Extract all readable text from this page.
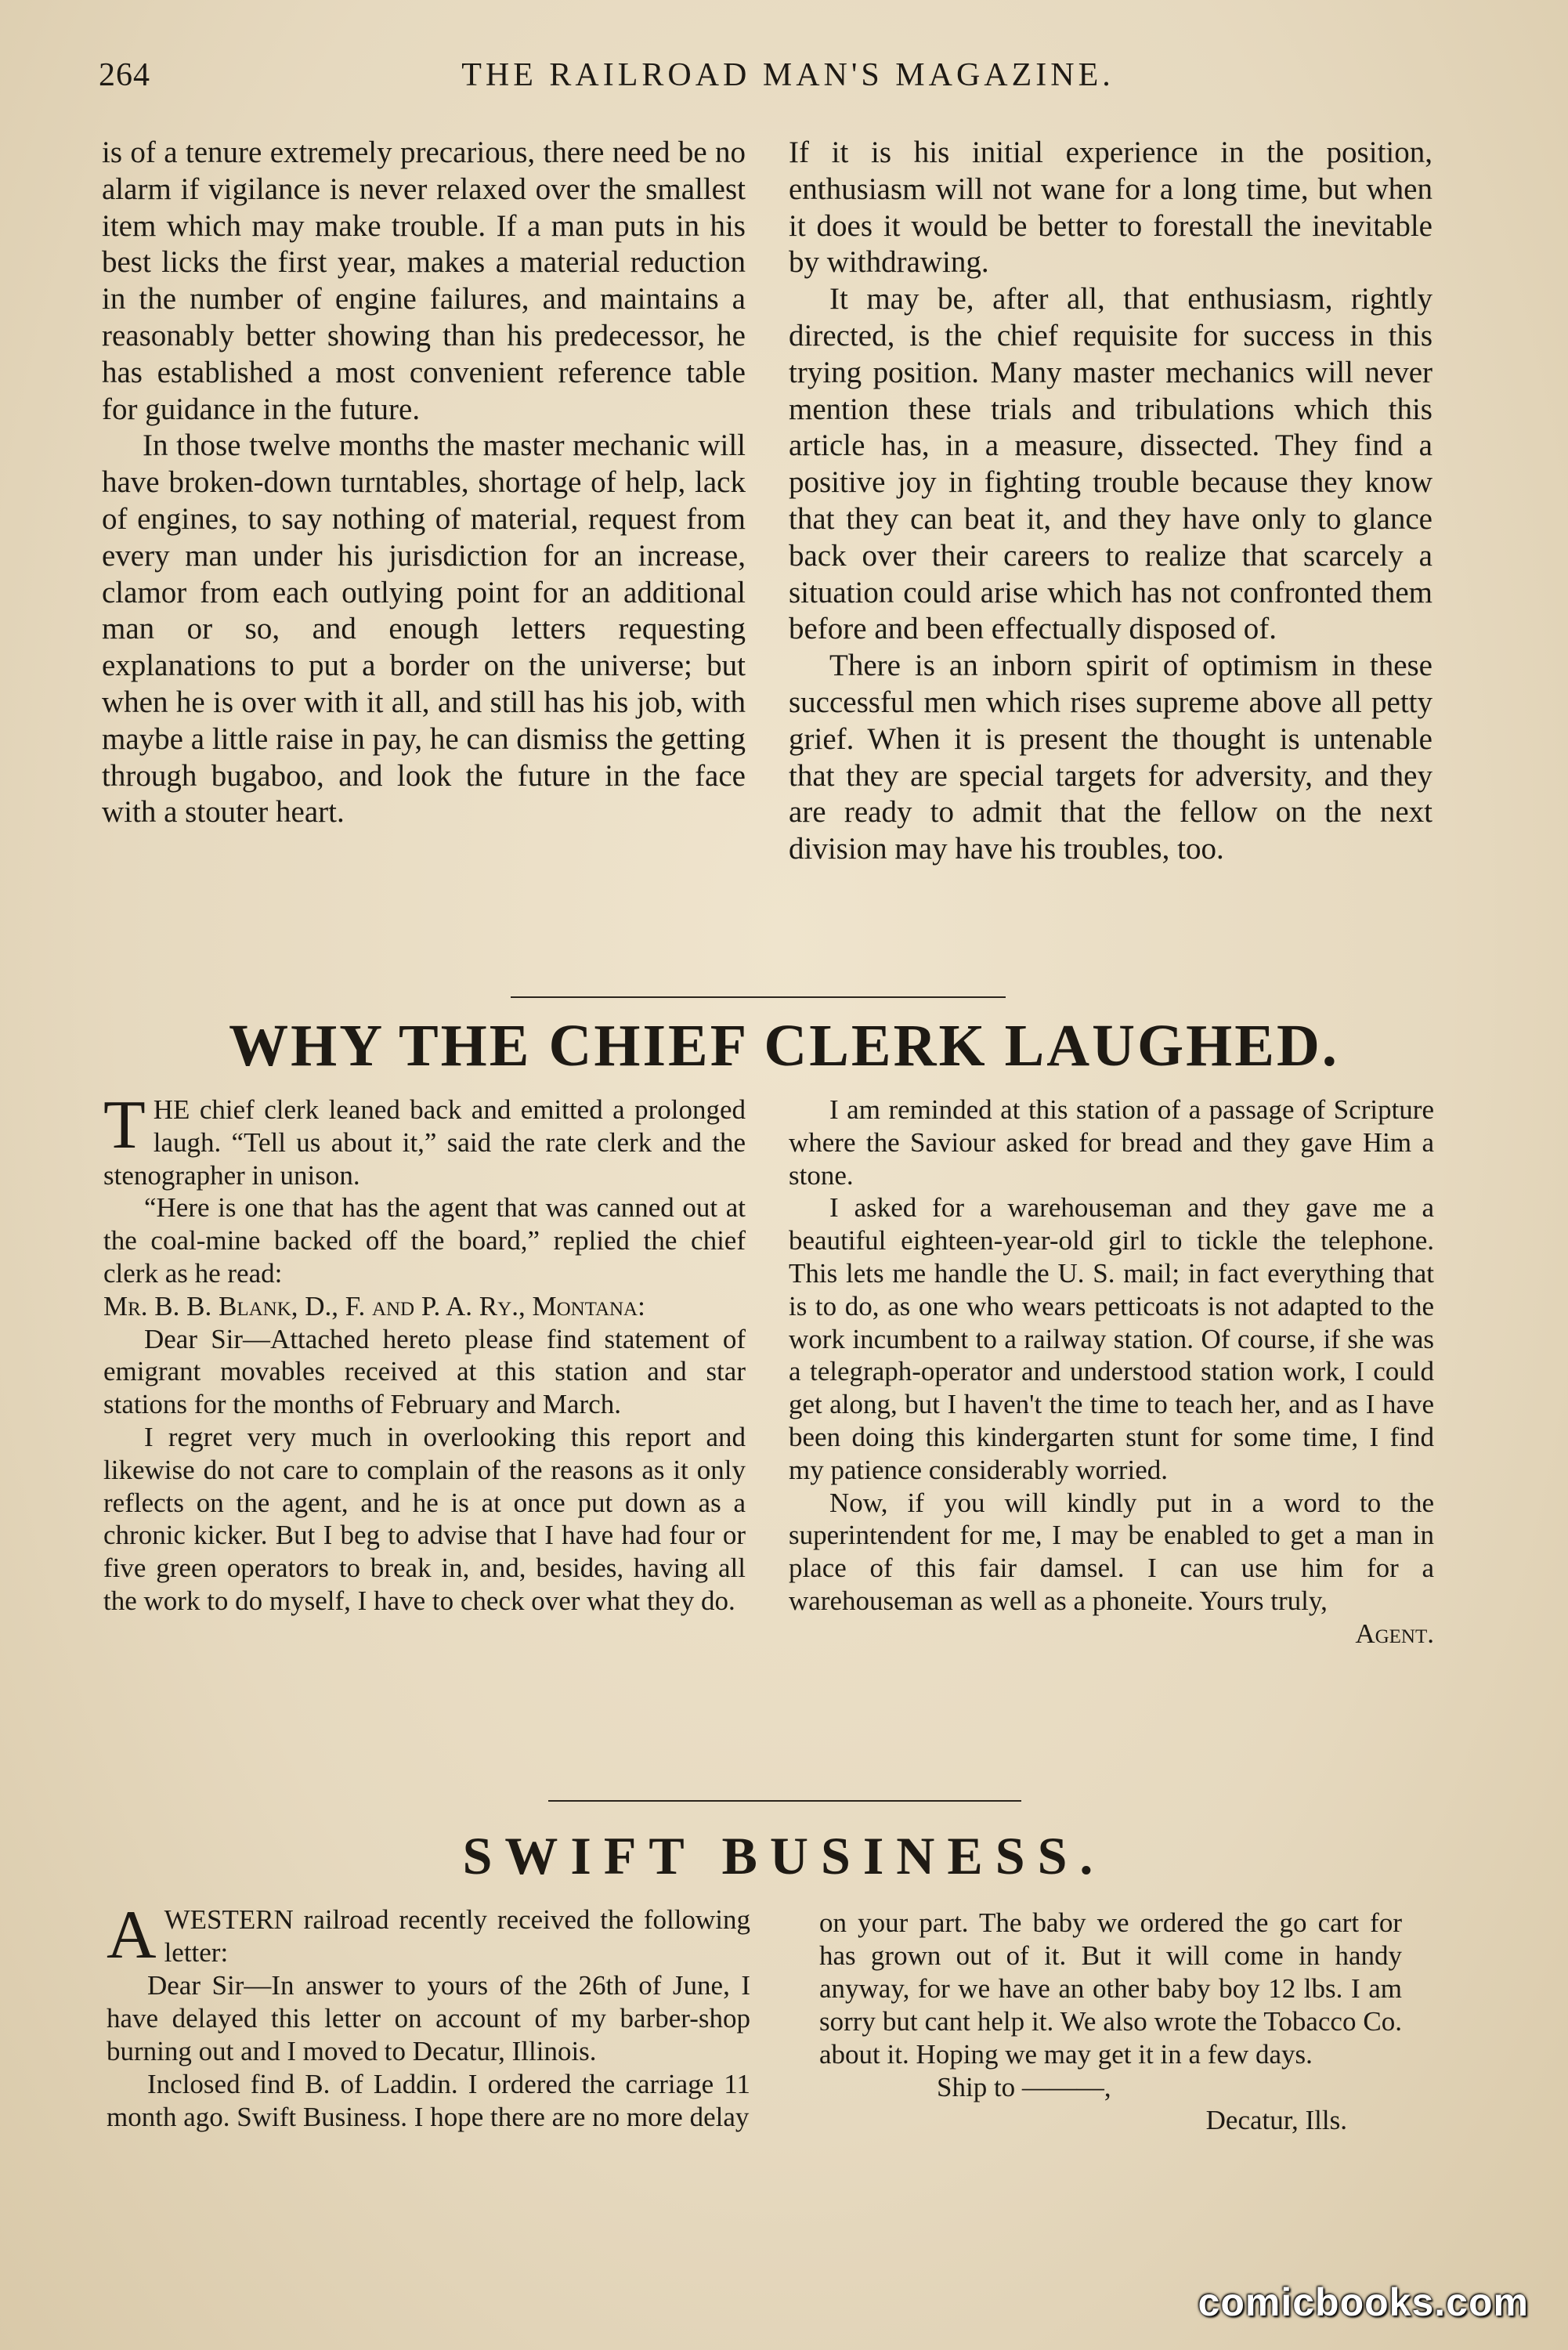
THE RAILROAD MAN'S MAGAZINE.
264

is of a tenure extremely precarious, there need be no alarm if vigilance is never relaxed over the smallest item which may make trouble. If a man puts in his best licks the first year, makes a material reduction in the number of engine failures, and maintains a reasonably better showing than his predecessor, he has established a most convenient reference table for guidance in the future.

In those twelve months the master mechanic will have broken-down turntables, shortage of help, lack of engines, to say nothing of material, request from every man under his jurisdiction for an increase, clamor from each outlying point for an additional man or so, and enough letters requesting explanations to put a border on the universe; but when he is over with it all, and still has his job, with maybe a little raise in pay, he can dismiss the getting through bugaboo, and look the future in the face with a stouter heart.

If it is his initial experience in the position, enthusiasm will not wane for a long time, but when it does it would be better to forestall the inevitable by withdrawing.

It may be, after all, that enthusiasm, rightly directed, is the chief requisite for success in this trying position. Many master mechanics will never mention these trials and tribulations which this article has, in a measure, dissected. They find a positive joy in fighting trouble because they know that they can beat it, and they have only to glance back over their careers to realize that scarcely a situation could arise which has not confronted them before and been effectually disposed of.

There is an inborn spirit of optimism in these successful men which rises supreme above all petty grief. When it is present the thought is untenable that they are special targets for adversity, and they are ready to admit that the fellow on the next division may have his troubles, too.

WHY THE CHIEF CLERK LAUGHED.

THE chief clerk leaned back and emitted a prolonged laugh. “Tell us about it,” said the rate clerk and the stenographer in unison.

“Here is one that has the agent that was canned out at the coal-mine backed off the board,” replied the chief clerk as he read:

Mr. B. B. Blank, D., F. and P. A. Ry., Montana:

Dear Sir—Attached hereto please find statement of emigrant movables received at this station and star stations for the months of February and March.

I regret very much in overlooking this report and likewise do not care to complain of the reasons as it only reflects on the agent, and he is at once put down as a chronic kicker. But I beg to advise that I have had four or five green operators to break in, and, besides, having all the work to do myself, I have to check over what they do.

I am reminded at this station of a passage of Scripture where the Saviour asked for bread and they gave Him a stone.

I asked for a warehouseman and they gave me a beautiful eighteen-year-old girl to tickle the telephone. This lets me handle the U. S. mail; in fact everything that is to do, as one who wears petticoats is not adapted to the work incumbent to a railway station. Of course, if she was a telegraph-operator and understood station work, I could get along, but I haven't the time to teach her, and as I have been doing this kindergarten stunt for some time, I find my patience considerably worried.

Now, if you will kindly put in a word to the superintendent for me, I may be enabled to get a man in place of this fair damsel. I can use him for a warehouseman as well as a phoneite. Yours truly,

Agent.

SWIFT BUSINESS.

AWESTERN railroad recently received the following letter:

Dear Sir—In answer to yours of the 26th of June, I have delayed this letter on account of my barber-shop burning out and I moved to Decatur, Illinois.

Inclosed find B. of Laddin. I ordered the carriage 11 month ago. Swift Business. I hope there are no more delay

on your part. The baby we ordered the go cart for has grown out of it. But it will come in handy anyway, for we have an other baby boy 12 lbs. I am sorry but cant help it. We also wrote the Tobacco Co. about it. Hoping we may get it in a few days.

Ship to ———,

Decatur, Ills.

comicbooks.com
